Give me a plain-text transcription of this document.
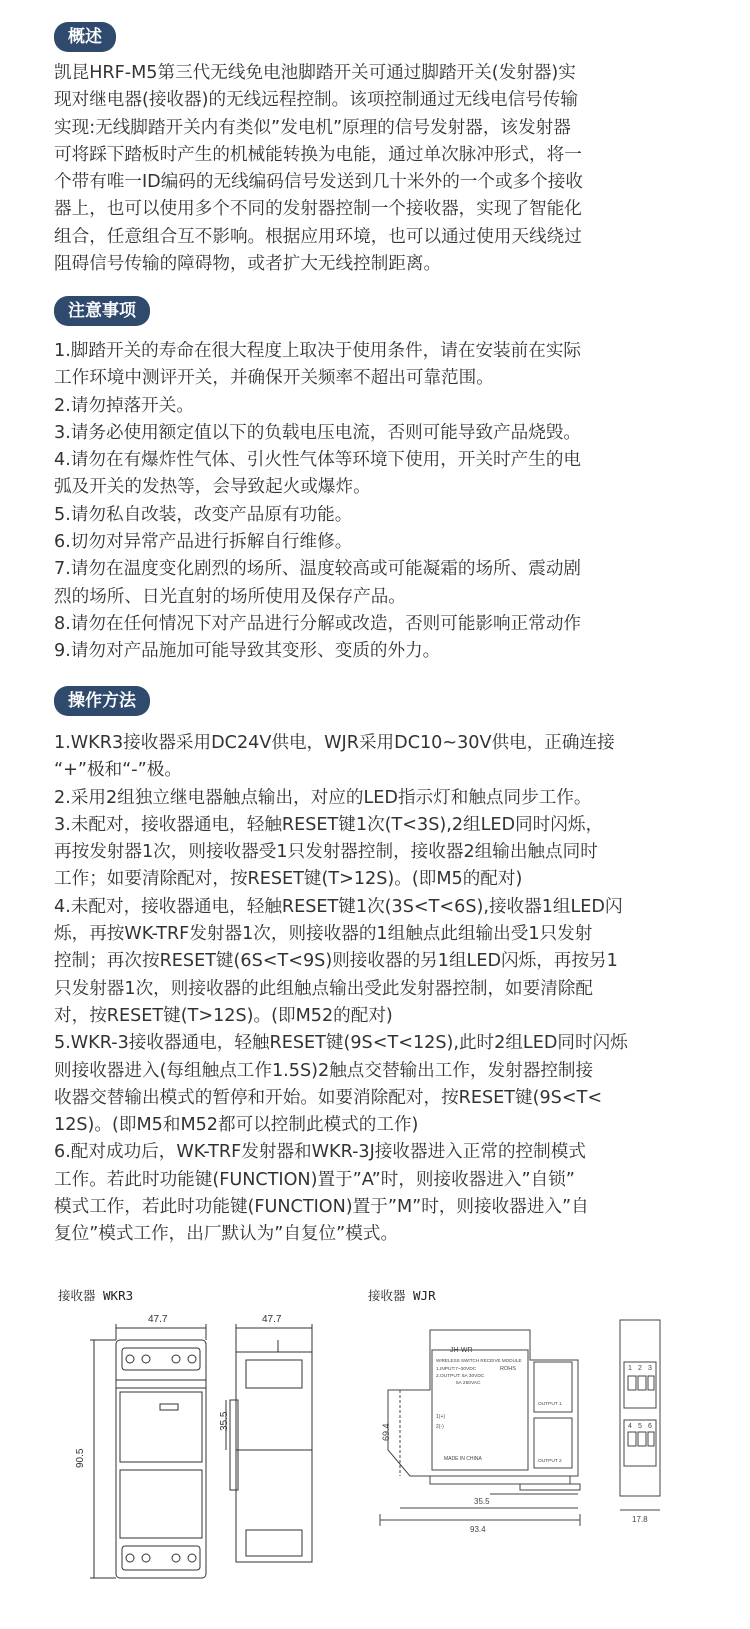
概述
凯昆HRF-M5第三代无线免电池脚踏开关可通过脚踏开关(发射器)实
现对继电器(接收器)的无线远程控制。该项控制通过无线电信号传输
实现:无线脚踏开关内有类似”发电机”原理的信号发射器，该发射器
可将踩下踏板时产生的机械能转换为电能，通过单次脉冲形式，将一
个带有唯一ID编码的无线编码信号发送到几十米外的一个或多个接收
器上，也可以使用多个不同的发射器控制一个接收器，实现了智能化
组合，任意组合互不影响。根据应用环境，也可以通过使用天线绕过
阻碍信号传输的障碍物，或者扩大无线控制距离。
注意事项
1.脚踏开关的寿命在很大程度上取决于使用条件，请在安装前在实际
工作环境中测评开关，并确保开关频率不超出可靠范围。
2.请勿掉落开关。
3.请务必使用额定值以下的负载电压电流，否则可能导致产品烧毁。
4.请勿在有爆炸性气体、引火性气体等环境下使用，开关时产生的电
弧及开关的发热等，会导致起火或爆炸。
5.请勿私自改装，改变产品原有功能。
6.切勿对异常产品进行拆解自行维修。
7.请勿在温度变化剧烈的场所、温度较高或可能凝霜的场所、震动剧
烈的场所、日光直射的场所使用及保存产品。
8.请勿在任何情况下对产品进行分解或改造，否则可能影响正常动作
9.请勿对产品施加可能导致其变形、变质的外力。
操作方法
1.WKR3接收器采用DC24V供电，WJR采用DC10~30V供电，正确连接
“+”极和“-”极。
2.采用2组独立继电器触点输出，对应的LED指示灯和触点同步工作。
3.未配对，接收器通电，轻触RESET键1次(T<3S),2组LED同时闪烁，
再按发射器1次，则接收器受1只发射器控制，接收器2组输出触点同时
工作；如要清除配对，按RESET键(T>12S)。(即M5的配对)
4.未配对，接收器通电，轻触RESET键1次(3S<T<6S),接收器1组LED闪
烁，再按WK-TRF发射器1次，则接收器的1组触点此组输出受1只发射
控制；再次按RESET键(6S<T<9S)则接收器的另1组LED闪烁，再按另1
只发射器1次，则接收器的此组触点输出受此发射器控制，如要清除配
对，按RESET键(T>12S)。(即M52的配对)
5.WKR-3接收器通电，轻触RESET键(9S<T<12S),此时2组LED同时闪烁
则接收器进入(每组触点工作1.5S)2触点交替输出工作，发射器控制接
收器交替输出模式的暂停和开始。如要消除配对，按RESET键(9S<T<
12S)。(即M5和M52都可以控制此模式的工作)
6.配对成功后，WK-TRF发射器和WKR-3J接收器进入正常的控制模式
工作。若此时功能键(FUNCTION)置于”A”时，则接收器进入”自锁”
模式工作，若此时功能键(FUNCTION)置于”M”时，则接收器进入”自
复位”模式工作，出厂默认为”自复位”模式。
接收器 WKR3	接收器 WJR
47.7	47.7
90.5
35.5
JH-WR
WIRELESS SWITCH RECEIVE MODULE
1.INPUT:7~30VDC
2.OUTPUT: 5A 30VDC
5A 250VAC
ROHS
OUTPUT 1
OUTPUT 2
1(+)
2(-)
MADE IN CHINA
69.4
35.5
93.4
17.8
1 2 3
4 5 6
